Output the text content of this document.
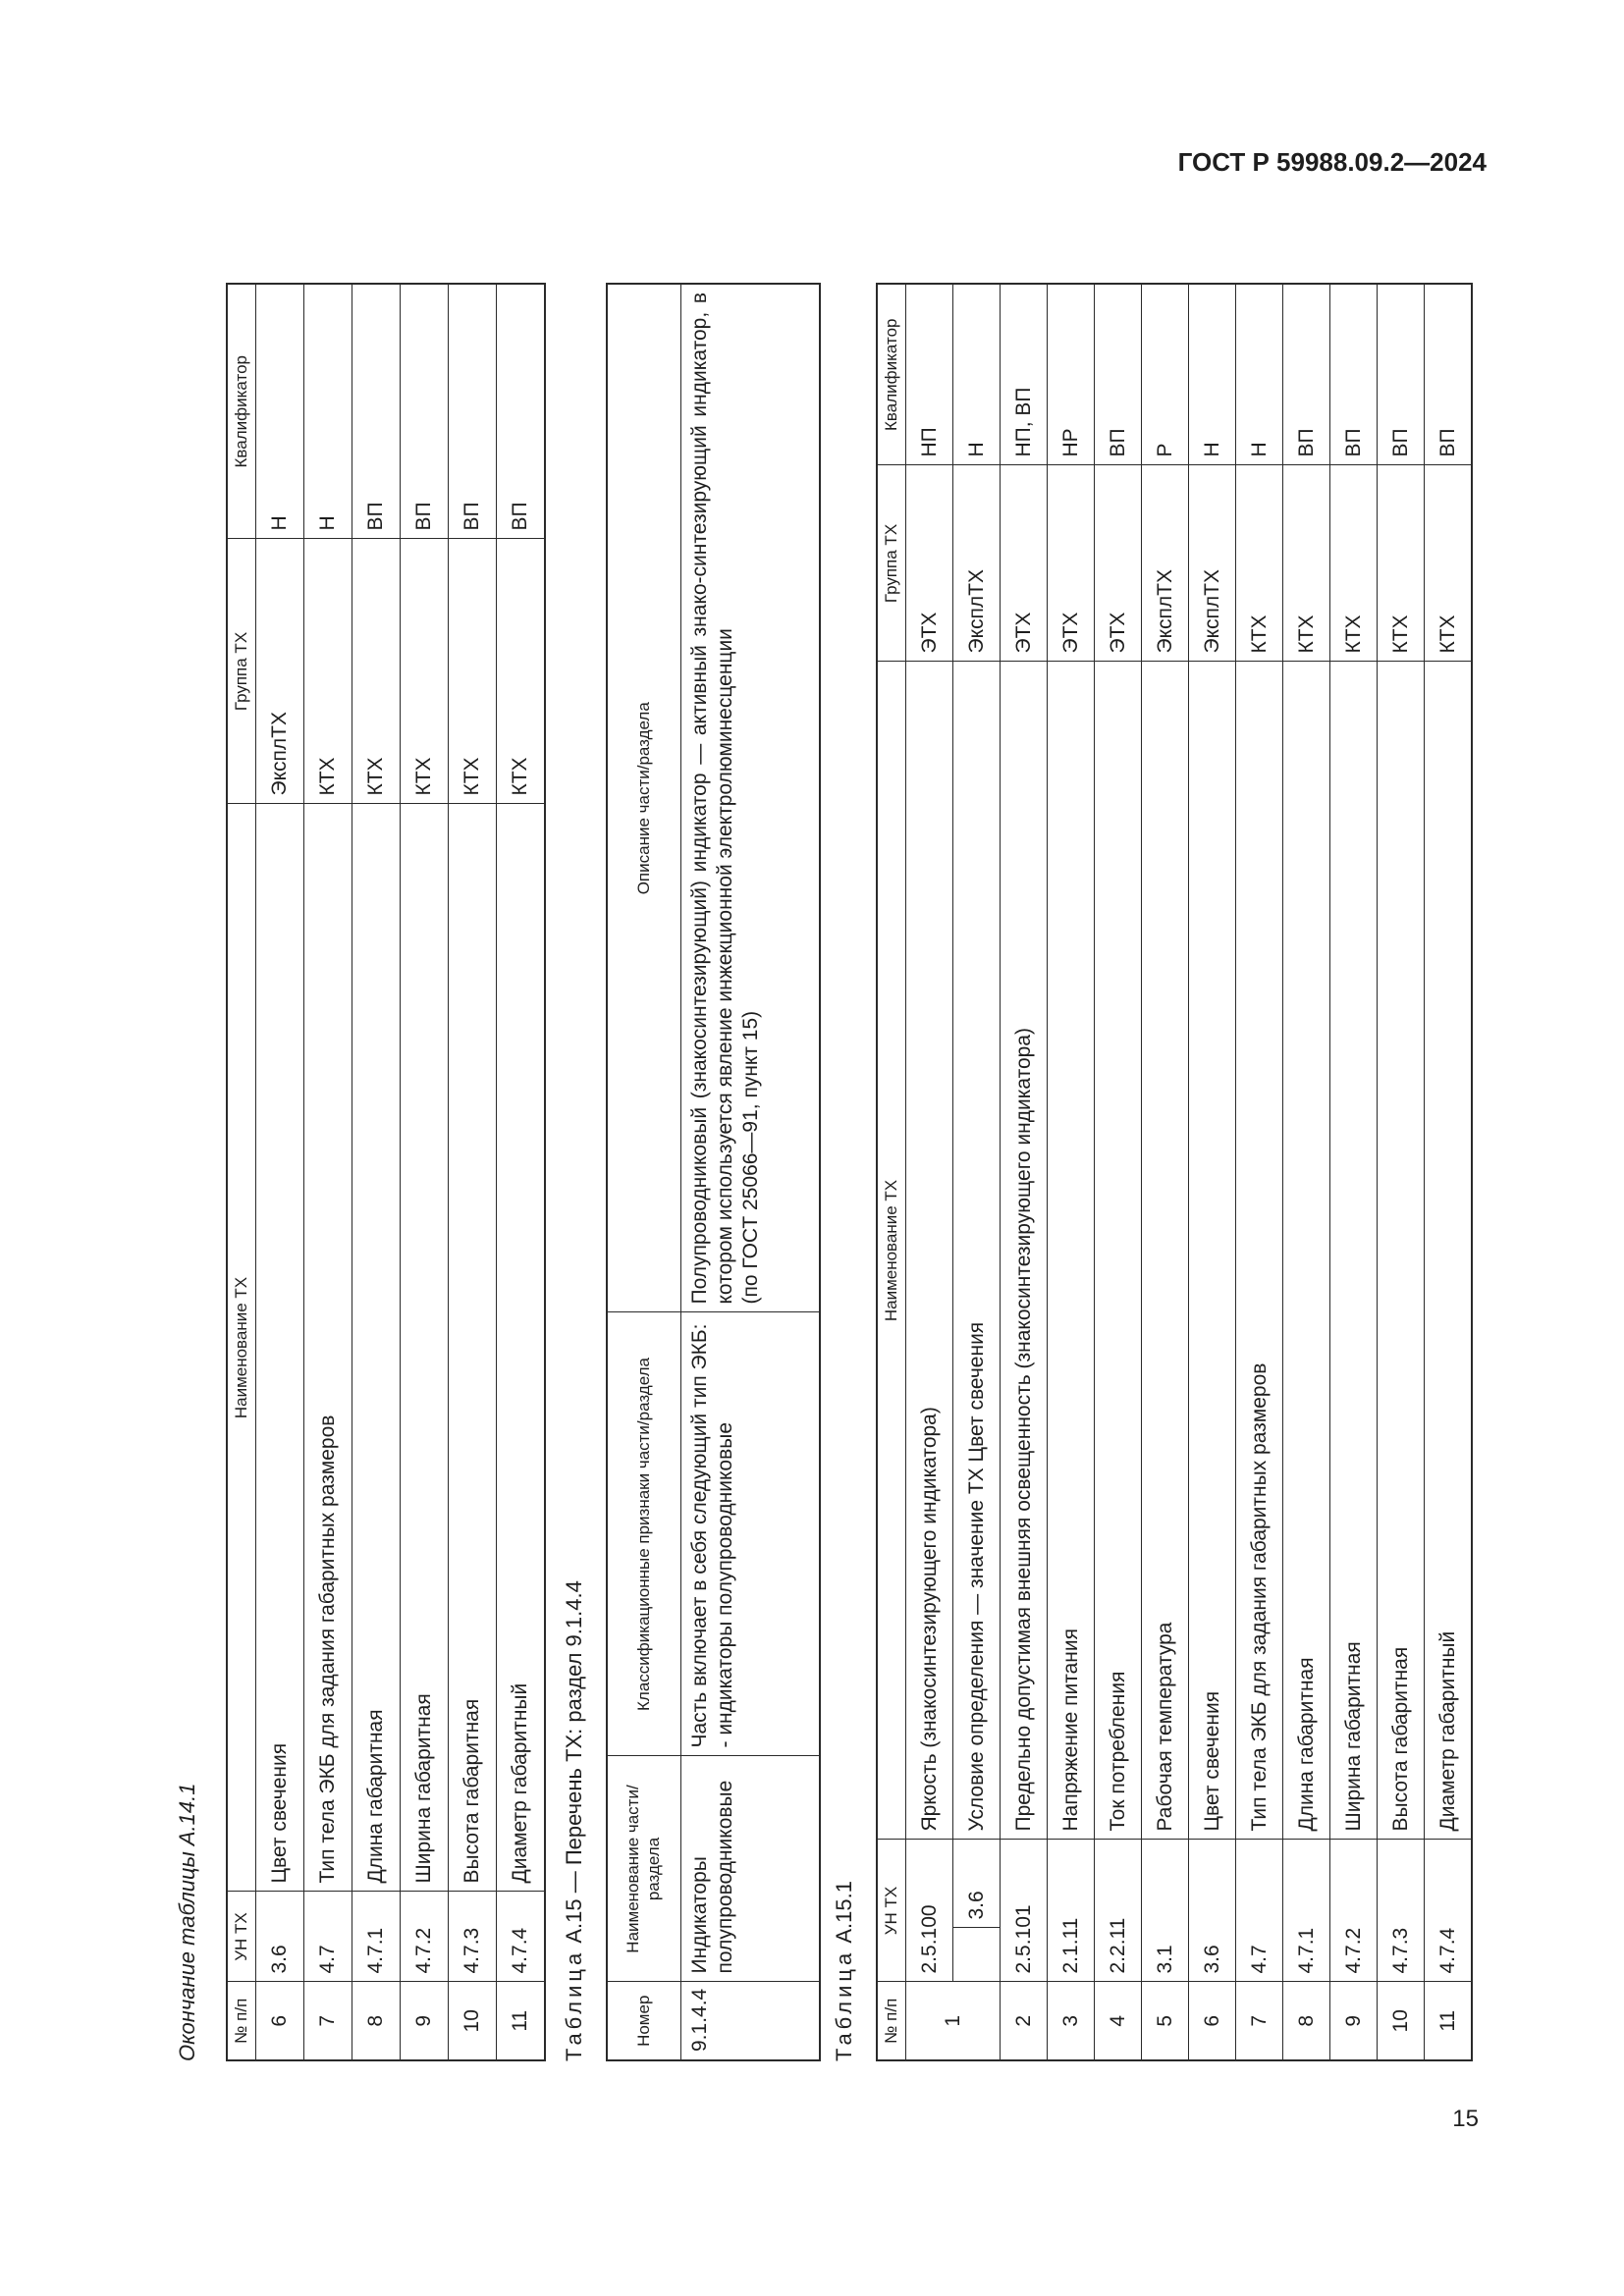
ГОСТ Р 59988.09.2—2024
15
Окончание таблицы А.14.1 № п/п	УН ТХ	Наименование ТХ	Группа ТХ	Квалификатор
6	3.6	Цвет свечения	ЭксплТХ	Н
7	4.7	Тип тела ЭКБ для задания габаритных размеров	КТХ	Н
8	4.7.1	Длина габаритная	КТХ	ВП
9	4.7.2	Ширина габаритная	КТХ	ВП
10	4.7.3	Высота габаритная	КТХ	ВП
11	4.7.4	Диаметр габаритный	КТХ	ВП
Таблица А.15 — Перечень ТХ: раздел 9.1.4.4
Номер	Наименование части/ раздела	Классификационные признаки части/раздела	Описание части/раздела
9.1.4.4	Индикаторы полупроводниковые	Часть включает в себя следующий тип ЭКБ: - индикаторы полупроводниковые	Полупроводниковый (знакосинтезирующий) индикатор — активный знако-синтезирующий индикатор, в котором используется явление инжекционной электролюминесценции (по ГОСТ 25066—91, пункт 15)
Таблица А.15.1
№ п/п	УН ТХ		Наименование ТХ	Группа ТХ	Квалификатор
1	2.5.100		Яркость (знакосинтезирующего индикатора)	ЭТХ	НП
		3.6	Условие определения — значение ТХ Цвет свечения	ЭксплТХ	Н
2	2.5.101		Предельно допустимая внешняя освещенность (знакосинтезирующего индикатора)	ЭТХ	НП, ВП
3	2.1.11		Напряжение питания	ЭТХ	НР
4	2.2.11		Ток потребления	ЭТХ	ВП
5	3.1		Рабочая температура	ЭксплТХ	Р
6	3.6		Цвет свечения	ЭксплТХ	Н
7	4.7		Тип тела ЭКБ для задания габаритных размеров	КТХ	Н
8	4.7.1		Длина габаритная	КТХ	ВП
9	4.7.2		Ширина габаритная	КТХ	ВП
10	4.7.3		Высота габаритная	КТХ	ВП
11	4.7.4		Диаметр габаритный	КТХ	ВП
